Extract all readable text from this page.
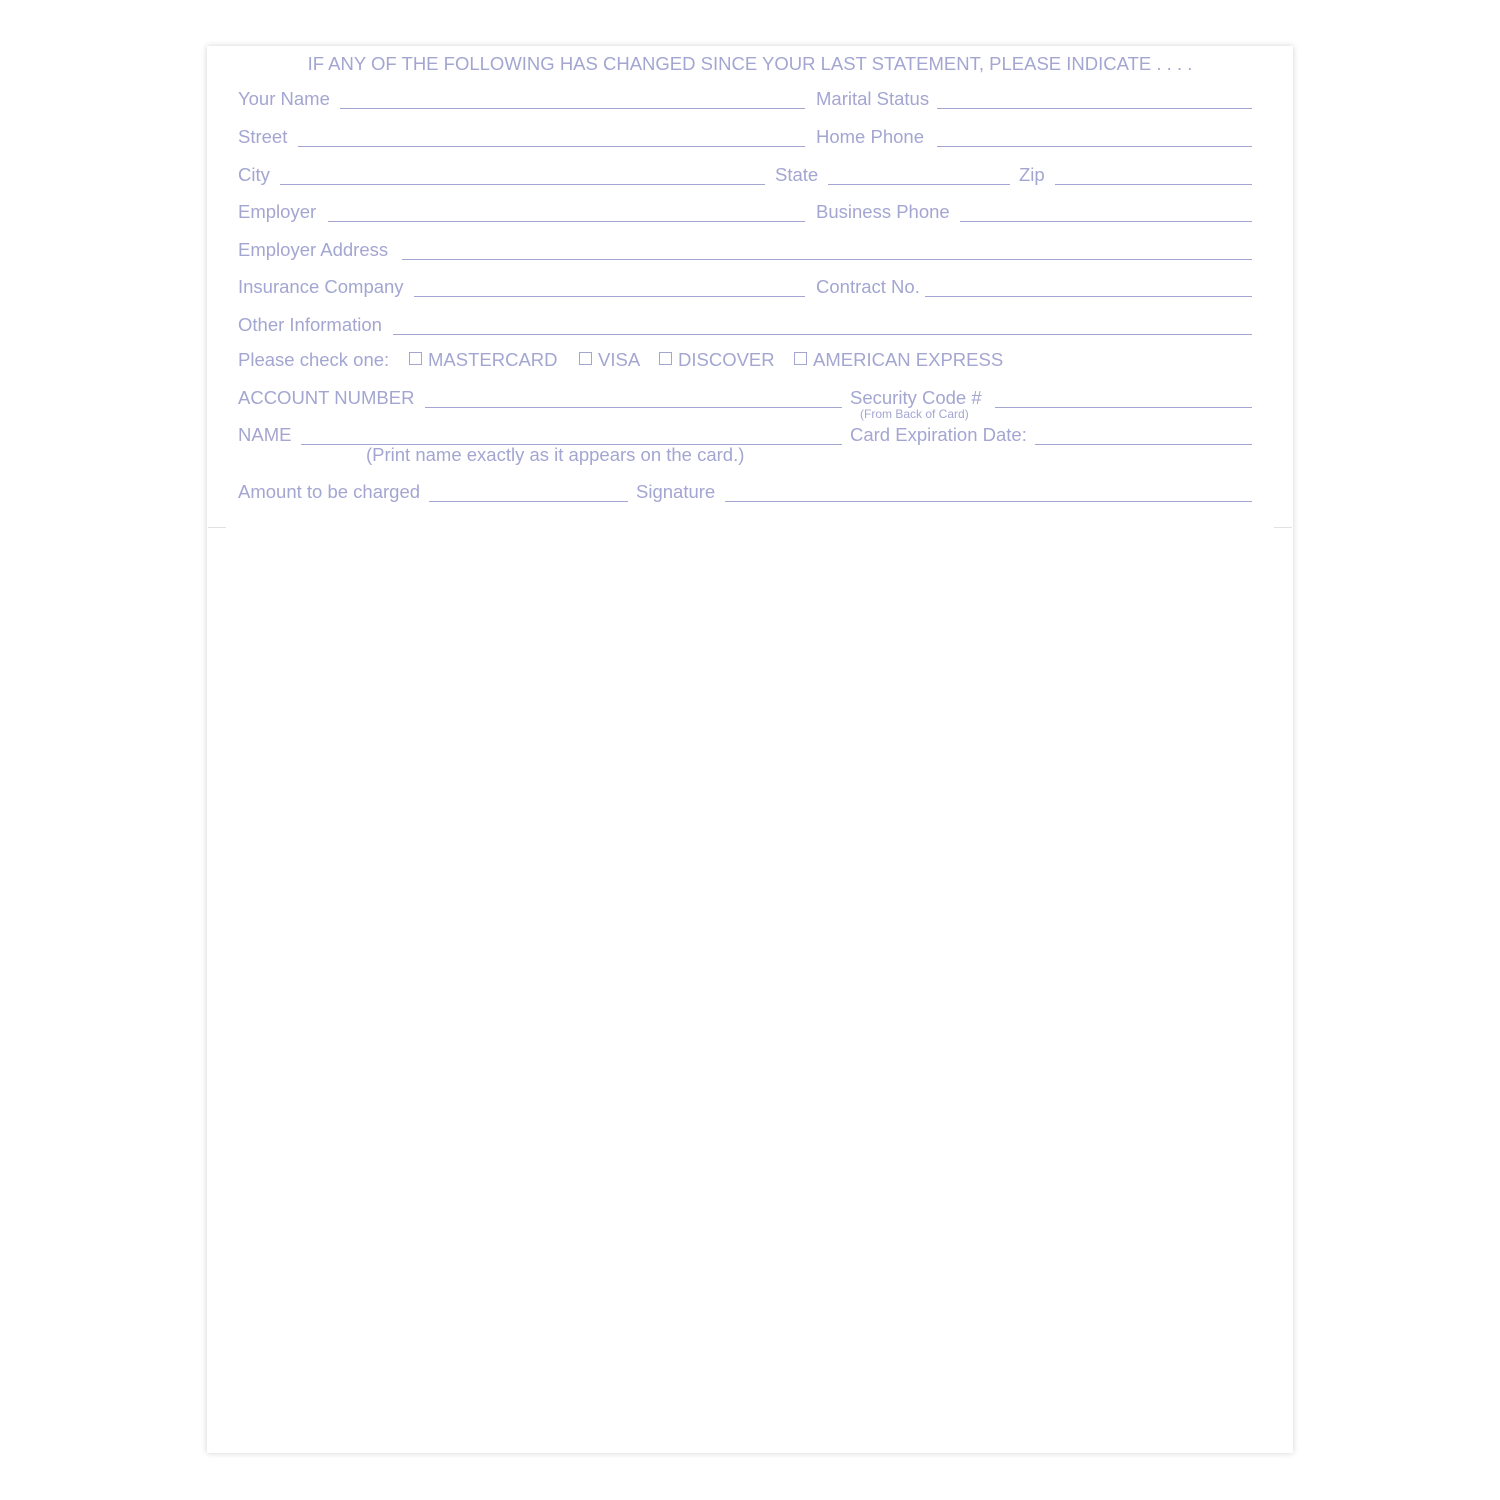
IF ANY OF THE FOLLOWING HAS CHANGED SINCE YOUR LAST STATEMENT, PLEASE INDICATE . . . .
Your Name	Marital Status
Street	Home Phone
City	State	Zip
Employer	Business Phone
Employer Address
Insurance Company	Contract No.
Other Information
Please check one:	MASTERCARD	VISA	DISCOVER	AMERICAN EXPRESS
ACCOUNT NUMBER	Security Code #
(From Back of Card)
NAME	Card Expiration Date:
(Print name exactly as it appears on the card.)
Amount to be charged	Signature
